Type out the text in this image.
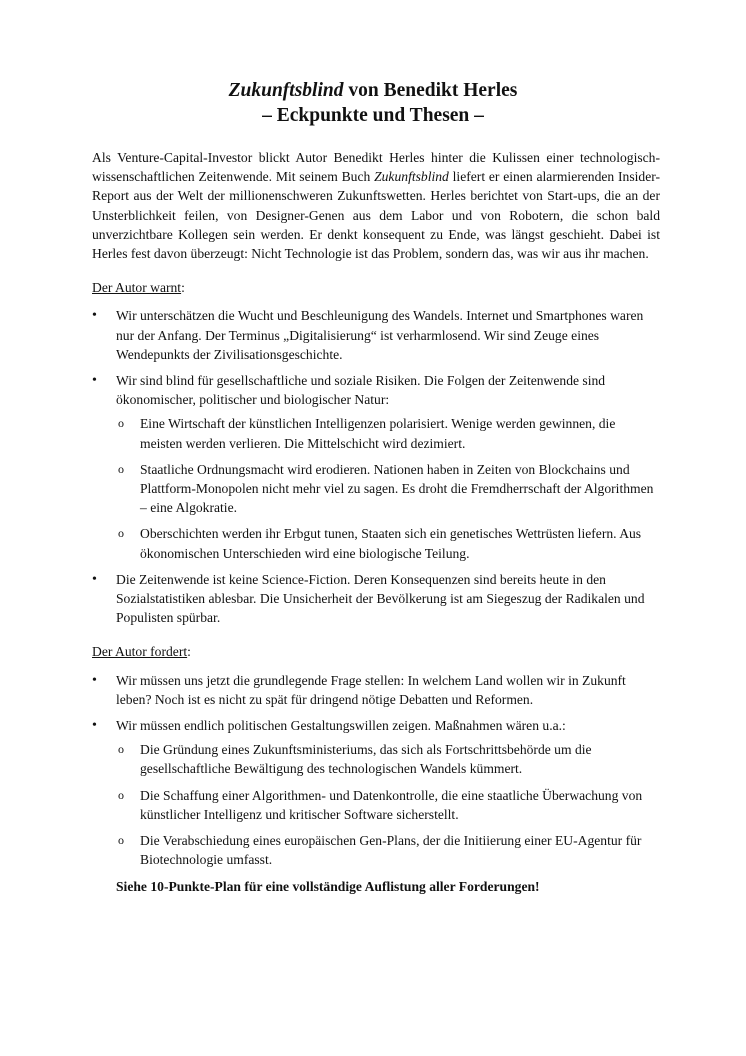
Zukunftsblind von Benedikt Herles
– Eckpunkte und Thesen –

Als Venture-Capital-Investor blickt Autor Benedikt Herles hinter die Kulissen einer technologisch-wissenschaftlichen Zeitenwende. Mit seinem Buch Zukunftsblind liefert er einen alarmierenden Insider-Report aus der Welt der millionenschweren Zukunftswetten. Herles berichtet von Start-ups, die an der Unsterblichkeit feilen, von Designer-Genen aus dem Labor und von Robotern, die schon bald unverzichtbare Kollegen sein werden. Er denkt konsequent zu Ende, was längst geschieht. Dabei ist Herles fest davon überzeugt: Nicht Technologie ist das Problem, sondern das, was wir aus ihr machen.

Der Autor warnt:
• Wir unterschätzen die Wucht und Beschleunigung des Wandels. Internet und Smartphones waren nur der Anfang. Der Terminus „Digitalisierung“ ist verharmlosend. Wir sind Zeuge eines Wendepunkts der Zivilisationsgeschichte.
• Wir sind blind für gesellschaftliche und soziale Risiken. Die Folgen der Zeitenwende sind ökonomischer, politischer und biologischer Natur:
o Eine Wirtschaft der künstlichen Intelligenzen polarisiert. Wenige werden gewinnen, die meisten werden verlieren. Die Mittelschicht wird dezimiert.
o Staatliche Ordnungsmacht wird erodieren. Nationen haben in Zeiten von Blockchains und Plattform-Monopolen nicht mehr viel zu sagen. Es droht die Fremdherrschaft der Algorithmen – eine Algokratie.
o Oberschichten werden ihr Erbgut tunen, Staaten sich ein genetisches Wettrüsten liefern. Aus ökonomischen Unterschieden wird eine biologische Teilung.
• Die Zeitenwende ist keine Science-Fiction. Deren Konsequenzen sind bereits heute in den Sozialstatistiken ablesbar. Die Unsicherheit der Bevölkerung ist am Siegeszug der Radikalen und Populisten spürbar.
Der Autor fordert:
• Wir müssen uns jetzt die grundlegende Frage stellen: In welchem Land wollen wir in Zukunft leben? Noch ist es nicht zu spät für dringend nötige Debatten und Reformen.
• Wir müssen endlich politischen Gestaltungswillen zeigen. Maßnahmen wären u.a.:
o Die Gründung eines Zukunftsministeriums, das sich als Fortschrittsbehörde um die gesellschaftliche Bewältigung des technologischen Wandels kümmert.
o Die Schaffung einer Algorithmen- und Datenkontrolle, die eine staatliche Überwachung von künstlicher Intelligenz und kritischer Software sicherstellt.
o Die Verabschiedung eines europäischen Gen-Plans, der die Initiierung einer EU-Agentur für Biotechnologie umfasst.
Siehe 10-Punkte-Plan für eine vollständige Auflistung aller Forderungen!
